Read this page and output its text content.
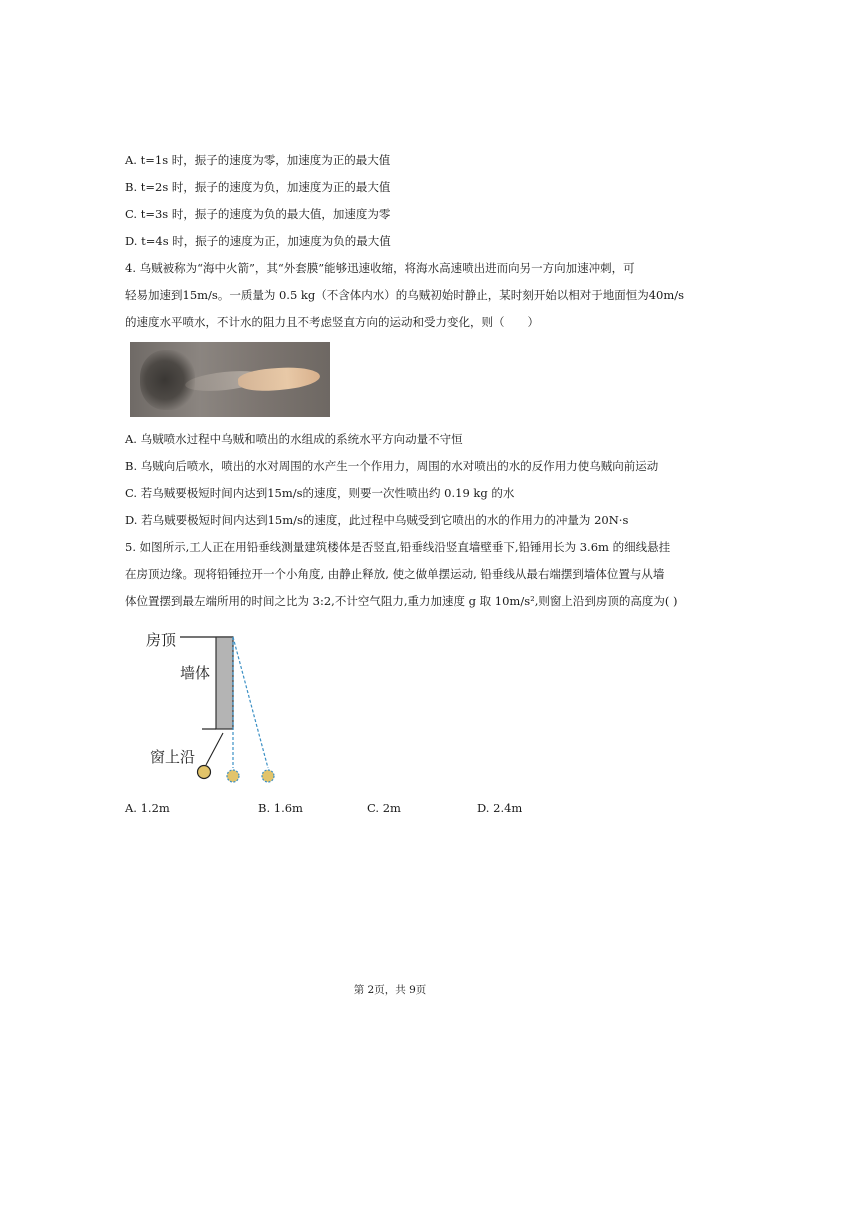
A. t=1s 时，振子的速度为零，加速度为正的最大值
B. t=2s 时，振子的速度为负，加速度为正的最大值
C. t=3s 时，振子的速度为负的最大值，加速度为零
D. t=4s 时，振子的速度为正，加速度为负的最大值
4. 乌贼被称为“海中火箭”，其“外套膜”能够迅速收缩，将海水高速喷出进而向另一方向加速冲刺，可
轻易加速到15m/s。一质量为 0.5 kg（不含体内水）的乌贼初始时静止，某时刻开始以相对于地面恒为40m/s
的速度水平喷水，不计水的阻力且不考虑竖直方向的运动和受力变化，则（　　）
A. 乌贼喷水过程中乌贼和喷出的水组成的系统水平方向动量不守恒
B. 乌贼向后喷水，喷出的水对周围的水产生一个作用力，周围的水对喷出的水的反作用力使乌贼向前运动
C. 若乌贼要极短时间内达到15m/s的速度，则要一次性喷出约 0.19 kg 的水
D. 若乌贼要极短时间内达到15m/s的速度，此过程中乌贼受到它喷出的水的作用力的冲量为 20N·s
5. 如图所示,工人正在用铅垂线测量建筑楼体是否竖直,铅垂线沿竖直墙壁垂下,铅锤用长为 3.6m 的细线悬挂
在房顶边缘。现将铅锤拉开一个小角度, 由静止释放, 使之做单摆运动, 铅垂线从最右端摆到墙体位置与从墙
体位置摆到最左端所用的时间之比为 3:2,不计空气阻力,重力加速度 g 取 10m/s²,则窗上沿到房顶的高度为( )
房顶
墙体
窗上沿
A. 1.2m	B. 1.6m	C. 2m	D. 2.4m
第 2页，共 9页
